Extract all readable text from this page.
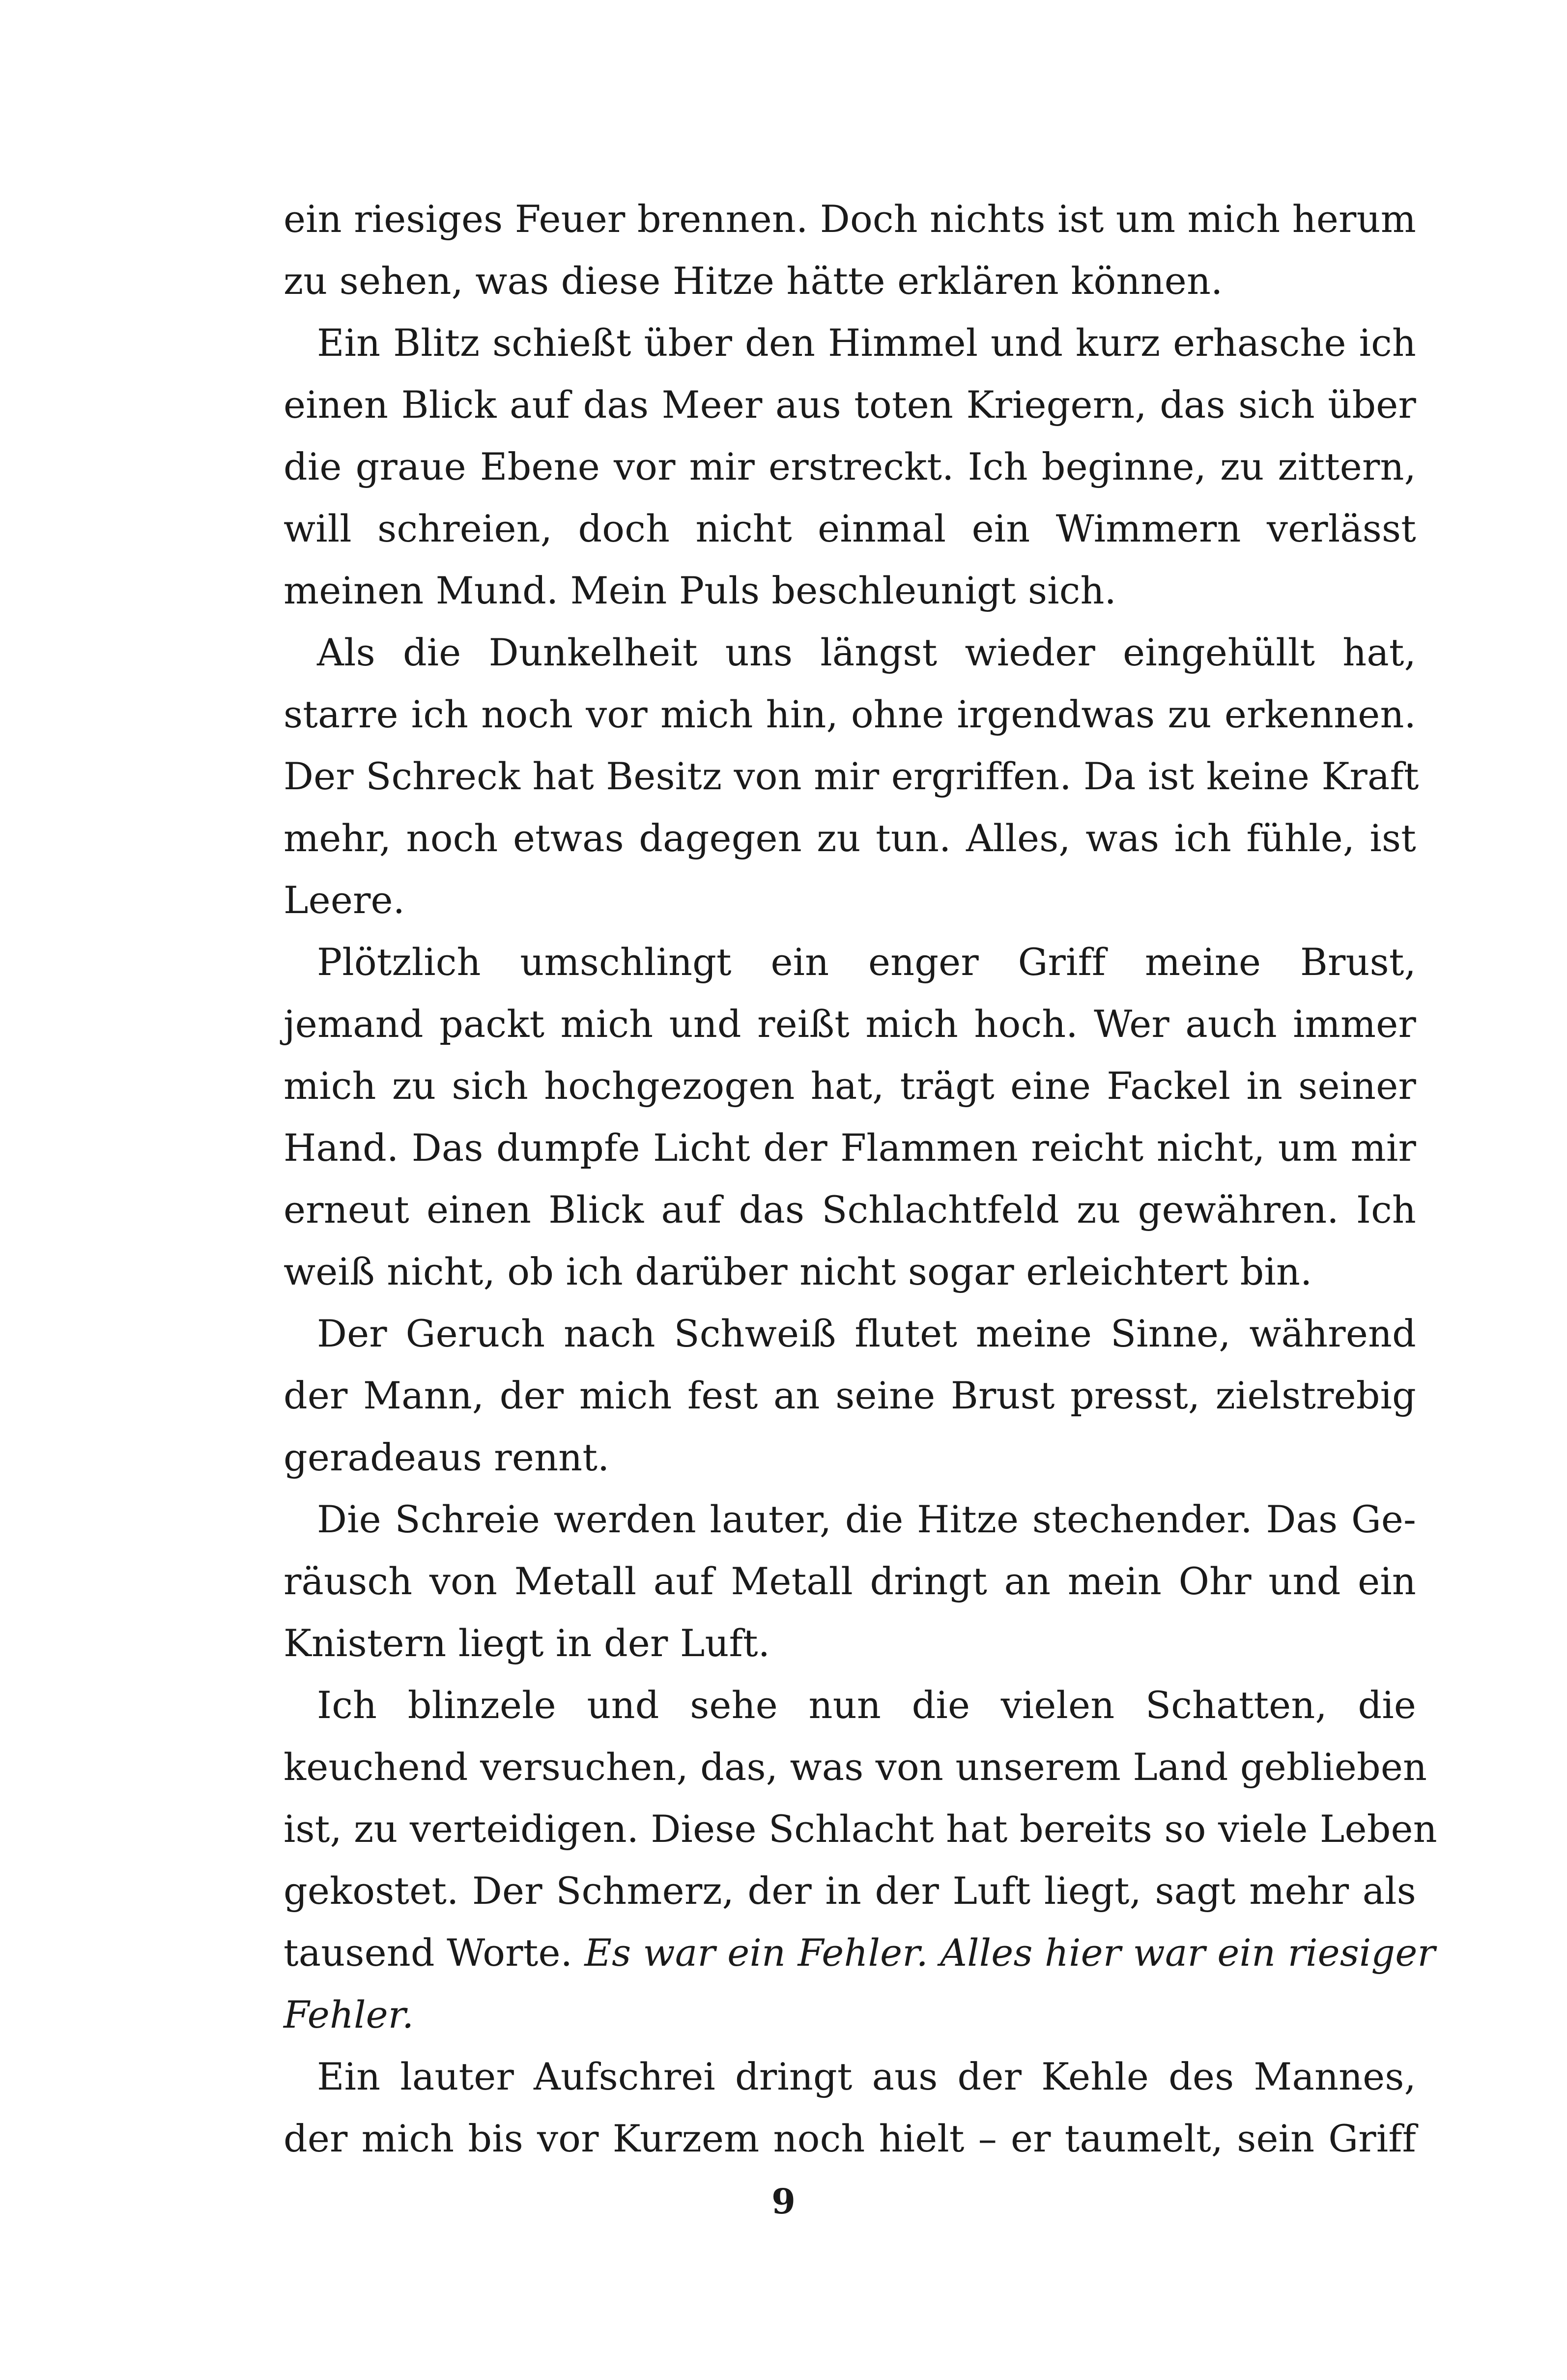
ein riesiges Feuer brennen. Doch nichts ist um mich herum
zu sehen, was diese Hitze hätte erklären können.
Ein Blitz schießt über den Himmel und kurz erhasche ich
einen Blick auf das Meer aus toten Kriegern, das sich über
die graue Ebene vor mir erstreckt. Ich beginne, zu zittern,
will schreien, doch nicht einmal ein Wimmern verlässt
meinen Mund. Mein Puls beschleunigt sich.
Als die Dunkelheit uns längst wieder eingehüllt hat,
starre ich noch vor mich hin, ohne irgendwas zu erkennen.
Der Schreck hat Besitz von mir ergriffen. Da ist keine Kraft
mehr, noch etwas dagegen zu tun. Alles, was ich fühle, ist
Leere.
Plötzlich umschlingt ein enger Griff meine Brust,
jemand packt mich und reißt mich hoch. Wer auch immer
mich zu sich hochgezogen hat, trägt eine Fackel in seiner
Hand. Das dumpfe Licht der Flammen reicht nicht, um mir
erneut einen Blick auf das Schlachtfeld zu gewähren. Ich
weiß nicht, ob ich darüber nicht sogar erleichtert bin.
Der Geruch nach Schweiß flutet meine Sinne, während
der Mann, der mich fest an seine Brust presst, zielstrebig
geradeaus rennt.
Die Schreie werden lauter, die Hitze stechender. Das Ge-
räusch von Metall auf Metall dringt an mein Ohr und ein
Knistern liegt in der Luft.
Ich blinzele und sehe nun die vielen Schatten, die
keuchend versuchen, das, was von unserem Land geblieben
ist, zu verteidigen. Diese Schlacht hat bereits so viele Leben
gekostet. Der Schmerz, der in der Luft liegt, sagt mehr als
tausend Worte. Es war ein Fehler. Alles hier war ein riesiger
Fehler.
Ein lauter Aufschrei dringt aus der Kehle des Mannes,
der mich bis vor Kurzem noch hielt – er taumelt, sein Griff
9
